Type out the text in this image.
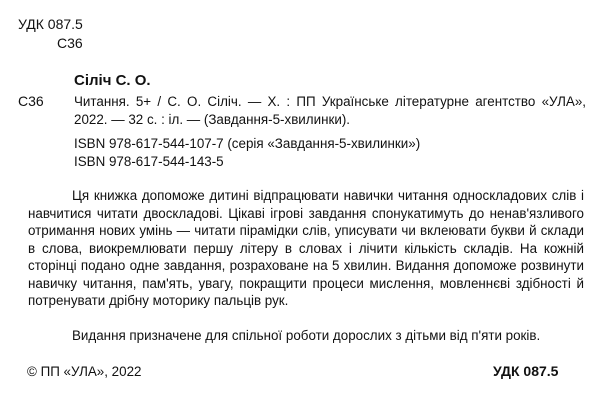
УДК 087.5
С36
Сіліч С. О.
С36 Читання. 5+ / С. О. Сіліч. — Х. : ПП Українське літературне агентство «УЛА», 2022. — 32 с. : іл. — (Завдання-5-хвилинки).
ISBN 978-617-544-107-7 (серія «Завдання-5-хвилинки»)
ISBN 978-617-544-143-5

Ця книжка допоможе дитині відпрацювати навички читання односкладових слів і навчитися читати двоскладові. Цікаві ігрові завдання спонукатимуть до ненав'язливого отримання нових умінь — читати пірамідки слів, уписувати чи вклеювати букви й склади в слова, виокремлювати першу літеру в словах і лічити кількість складів. На кожній сторінці подано одне завдання, розраховане на 5 хвилин. Видання допоможе розвинути навичку читання, пам'ять, увагу, покращити процеси мислення, мовленнєві здібності й потренувати дрібну моторику пальців рук.

Видання призначене для спільної роботи дорослих з дітьми від п'яти років.
© ПП «УЛА», 2022	УДК 087.5
